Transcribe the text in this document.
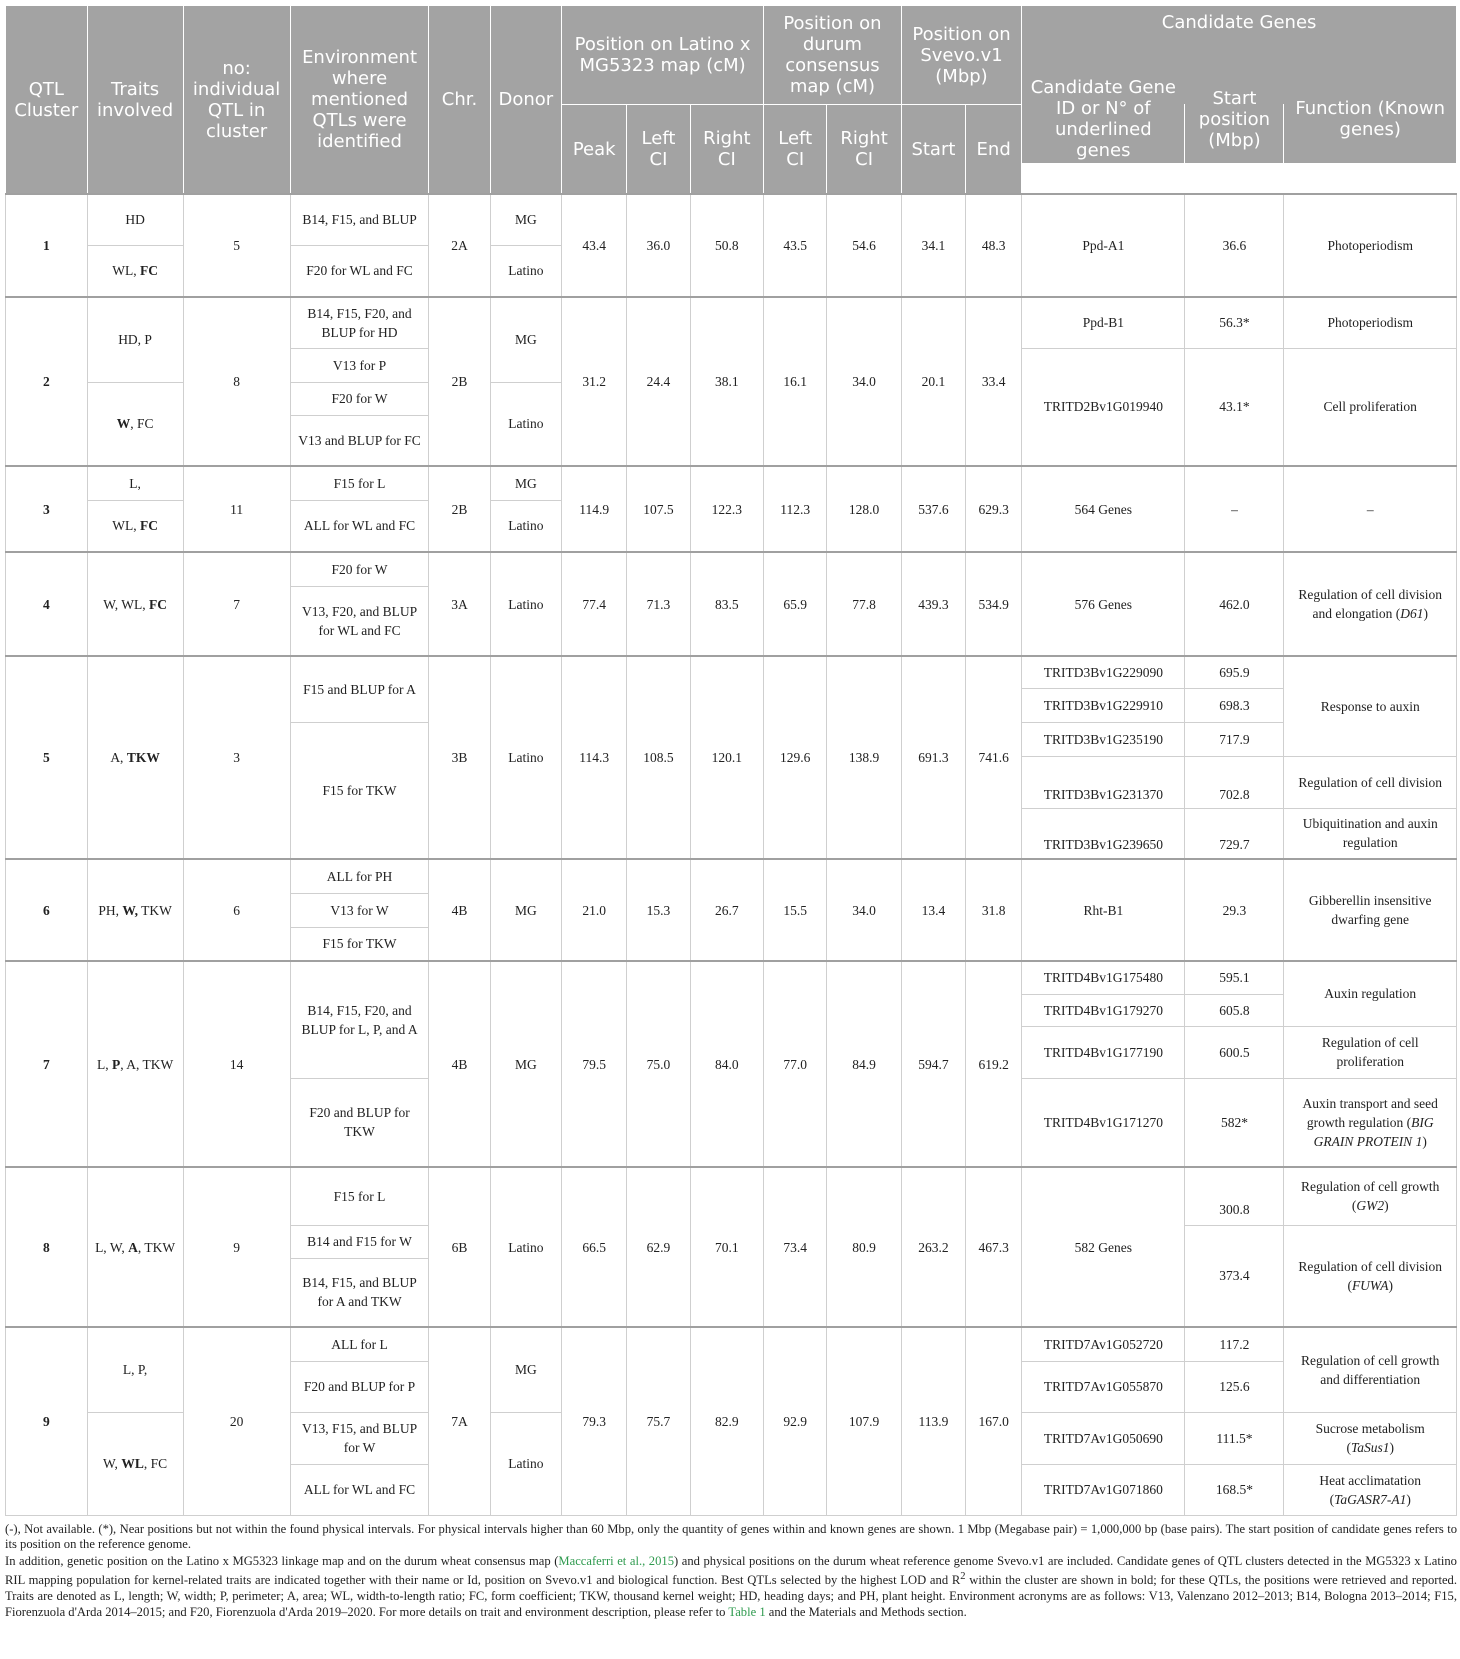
QTL Cluster	Traits involved	no: individual QTL in cluster	Environment where mentioned QTLs were identified	Chr.	Donor	Position on Latino x MG5323 map (cM)			Position on durum consensus map (cM)		Position on Svevo.v1 (Mbp)		Candidate Genes		
						Peak	Left CI	Right CI	Left CI	Right CI	Start	End	Candidate Gene ID or N° of underlined genes	Start position (Mbp)	Function (Known genes)
1	HD	5	B14, F15, and BLUP	2A	MG	43.4	36.0	50.8	43.5	54.6	34.1	48.3	Ppd-A1	36.6	Photoperiodism
	WL, FC		F20 for WL and FC		Latino										
2	HD, P	8	B14, F15, F20, and BLUP for HD	2B	MG	31.2	24.4	38.1	16.1	34.0	20.1	33.4	Ppd-B1	56.3*	Photoperiodism
			V13 for P										TRITD2Bv1G019940	43.1*	Cell proliferation
	W, FC		F20 for W		Latino										
			V13 and BLUP for FC												
3	L,	11	F15 for L	2B	MG	114.9	107.5	122.3	112.3	128.0	537.6	629.3	564 Genes	–	–
	WL, FC		ALL for WL and FC		Latino										
4	W, WL, FC	7	F20 for W	3A	Latino	77.4	71.3	83.5	65.9	77.8	439.3	534.9	576 Genes	462.0	Regulation of cell division and elongation (D61)
			V13, F20, and BLUP for WL and FC												
5	A, TKW	3	F15 and BLUP for A	3B	Latino	114.3	108.5	120.1	129.6	138.9	691.3	741.6	TRITD3Bv1G229090	695.9	Response to auxin
													TRITD3Bv1G229910	698.3	
			F15 for TKW										TRITD3Bv1G235190	717.9	
													TRITD3Bv1G231370	702.8	Regulation of cell division
													TRITD3Bv1G239650	729.7	Ubiquitination and auxin regulation
6	PH, W, TKW	6	ALL for PH	4B	MG	21.0	15.3	26.7	15.5	34.0	13.4	31.8	Rht-B1	29.3	Gibberellin insensitive dwarfing gene
			V13 for W												
			F15 for TKW												
7	L, P, A, TKW	14	B14, F15, F20, and BLUP for L, P, and A	4B	MG	79.5	75.0	84.0	77.0	84.9	594.7	619.2	TRITD4Bv1G175480	595.1	Auxin regulation
													TRITD4Bv1G179270	605.8	
													TRITD4Bv1G177190	600.5	Regulation of cell proliferation
			F20 and BLUP for TKW										TRITD4Bv1G171270	582*	Auxin transport and seed growth regulation (BIG GRAIN PROTEIN 1)
8	L, W, A, TKW	9	F15 for L	6B	Latino	66.5	62.9	70.1	73.4	80.9	263.2	467.3	582 Genes	300.8	Regulation of cell growth (GW2)

			B14 and F15 for W											373.4	Regulation of cell division (FUWA)
			B14, F15, and BLUP for A and TKW												
9	L, P,	20	ALL for L	7A	MG	79.3	75.7	82.9	92.9	107.9	113.9	167.0	TRITD7Av1G052720	117.2	Regulation of cell growth and differentiation
			F20 and BLUP for P										TRITD7Av1G055870	125.6	
	W, WL, FC		V13, F15, and BLUP for W		Latino								TRITD7Av1G050690	111.5*	Sucrose metabolism (TaSus1)
			ALL for WL and FC										TRITD7Av1G071860	168.5*	Heat acclimatation (TaGASR7-A1)

(-), Not available. (*), Near positions but not within the found physical intervals. For physical intervals higher than 60 Mbp, only the quantity of genes within and known genes are shown. 1 Mbp (Megabase pair) = 1,000,000 bp (base pairs). The start position of candidate genes refers to its position on the reference genome.

In addition, genetic position on the Latino x MG5323 linkage map and on the durum wheat consensus map (Maccaferri et al., 2015) and physical positions on the durum wheat reference genome Svevo.v1 are included. Candidate genes of QTL clusters detected in the MG5323 x Latino RIL mapping population for kernel-related traits are indicated together with their name or Id, position on Svevo.v1 and biological function. Best QTLs selected by the highest LOD and $R^2$ within the cluster are shown in bold; for these QTLs, the positions were retrieved and reported. Traits are denoted as L, length; W, width; P, perimeter; A, area; WL, width-to-length ratio; FC, form coefficient; TKW, thousand kernel weight; HD, heading days; and PH, plant height. Environment acronyms are as follows: V13, Valenzano 2012–2013; B14, Bologna 2013–2014; F15, Fiorenzuola d'Arda 2014–2015; and F20, Fiorenzuola d'Arda 2019–2020. For more details on trait and environment description, please refer to Table 1 and the Materials and Methods section.
